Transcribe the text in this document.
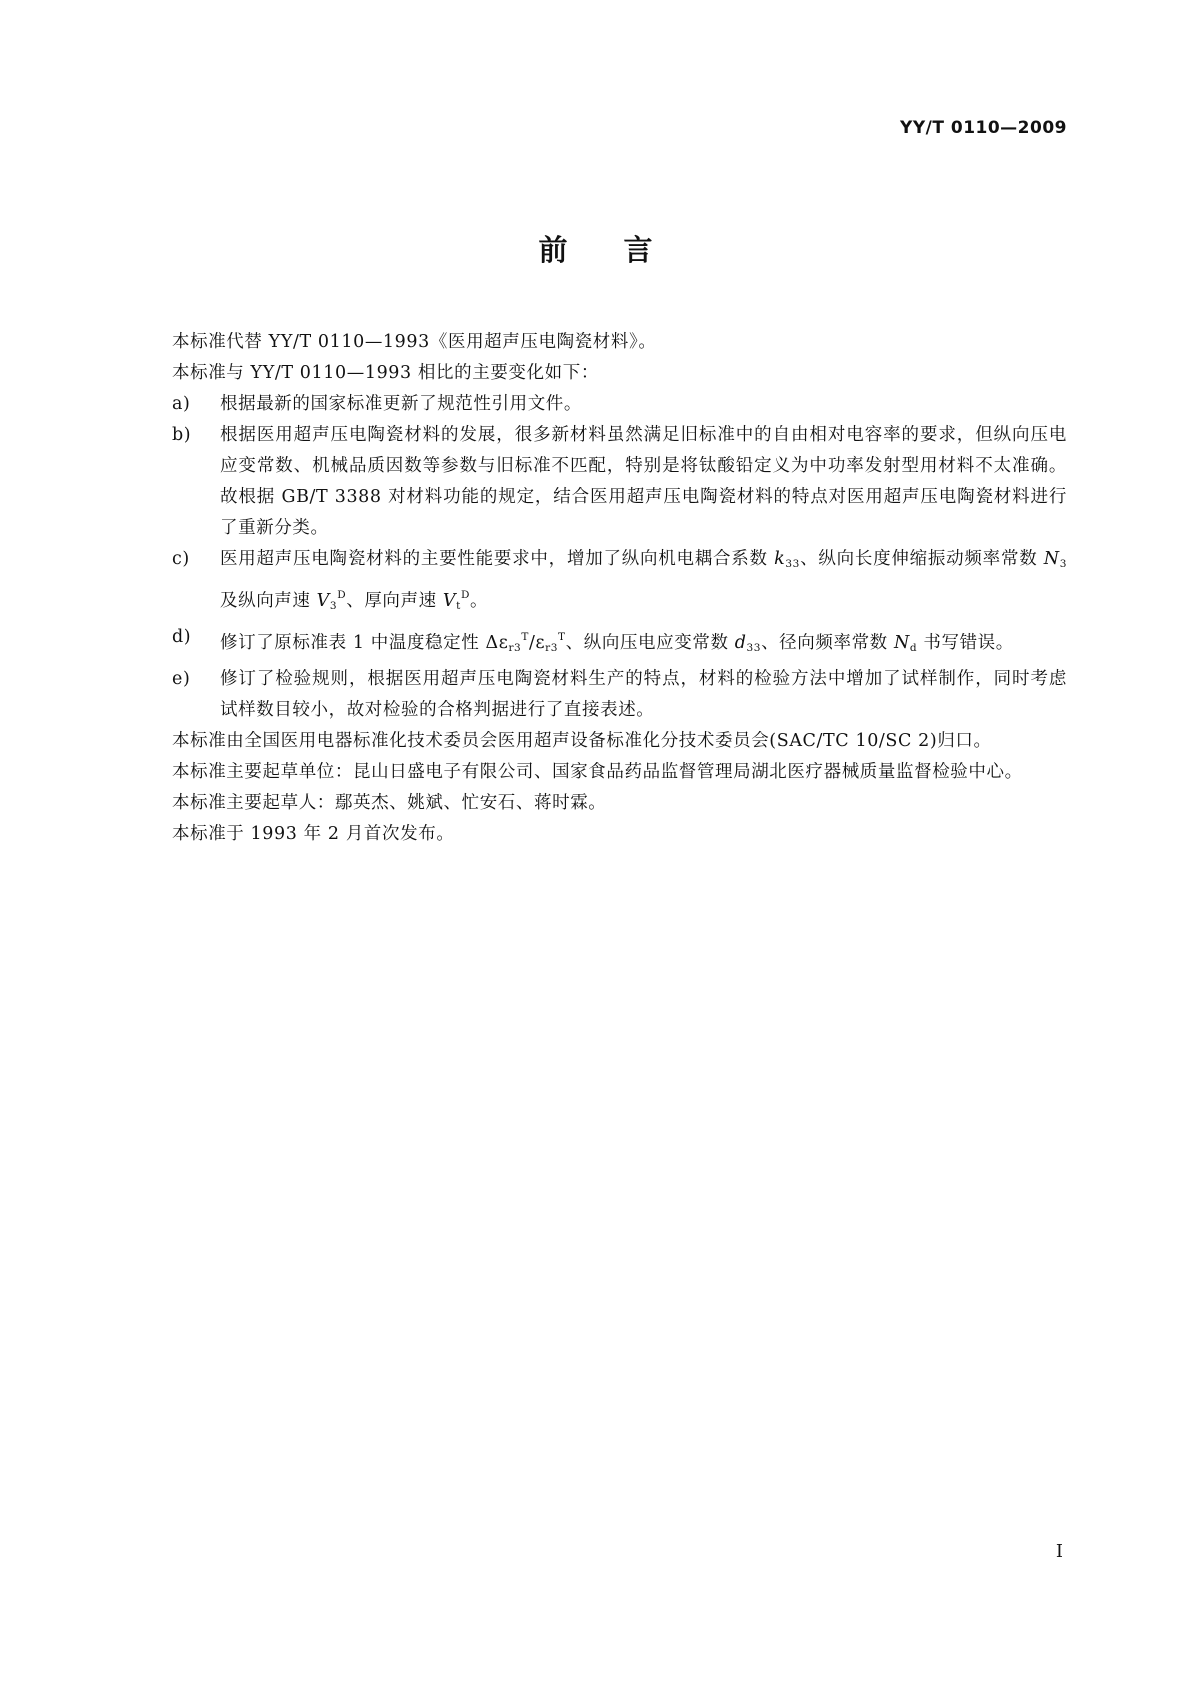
YY/T 0110—2009
前言

本标准代替 YY/T 0110—1993《医用超声压电陶瓷材料》。

本标准与 YY/T 0110—1993 相比的主要变化如下：

a)	根据最新的国家标准更新了规范性引用文件。
b)	根据医用超声压电陶瓷材料的发展，很多新材料虽然满足旧标准中的自由相对电容率的要求，但纵向压电应变常数、机械品质因数等参数与旧标准不匹配，特别是将钛酸铅定义为中功率发射型用材料不太准确。故根据 GB/T 3388 对材料功能的规定，结合医用超声压电陶瓷材料的特点对医用超声压电陶瓷材料进行了重新分类。
c)	医用超声压电陶瓷材料的主要性能要求中，增加了纵向机电耦合系数 $k_{33}$、纵向长度伸缩振动频率常数 $N_3$ 及纵向声速 $V_3^D$、厚向声速 $V_t^D$。
d)	修订了原标准表 1 中温度稳定性 $\Delta\varepsilon_{r3}^T/\varepsilon_{r3}^T$、纵向压电应变常数 $d_{33}$、径向频率常数 $N_d$ 书写错误。
e)	修订了检验规则，根据医用超声压电陶瓷材料生产的特点，材料的检验方法中增加了试样制作，同时考虑试样数目较小，故对检验的合格判据进行了直接表述。

本标准由全国医用电器标准化技术委员会医用超声设备标准化分技术委员会(SAC/TC 10/SC 2)归口。

本标准主要起草单位：昆山日盛电子有限公司、国家食品药品监督管理局湖北医疗器械质量监督检验中心。

本标准主要起草人：鄢英杰、姚斌、忙安石、蒋时霖。

本标准于 1993 年 2 月首次发布。

I
